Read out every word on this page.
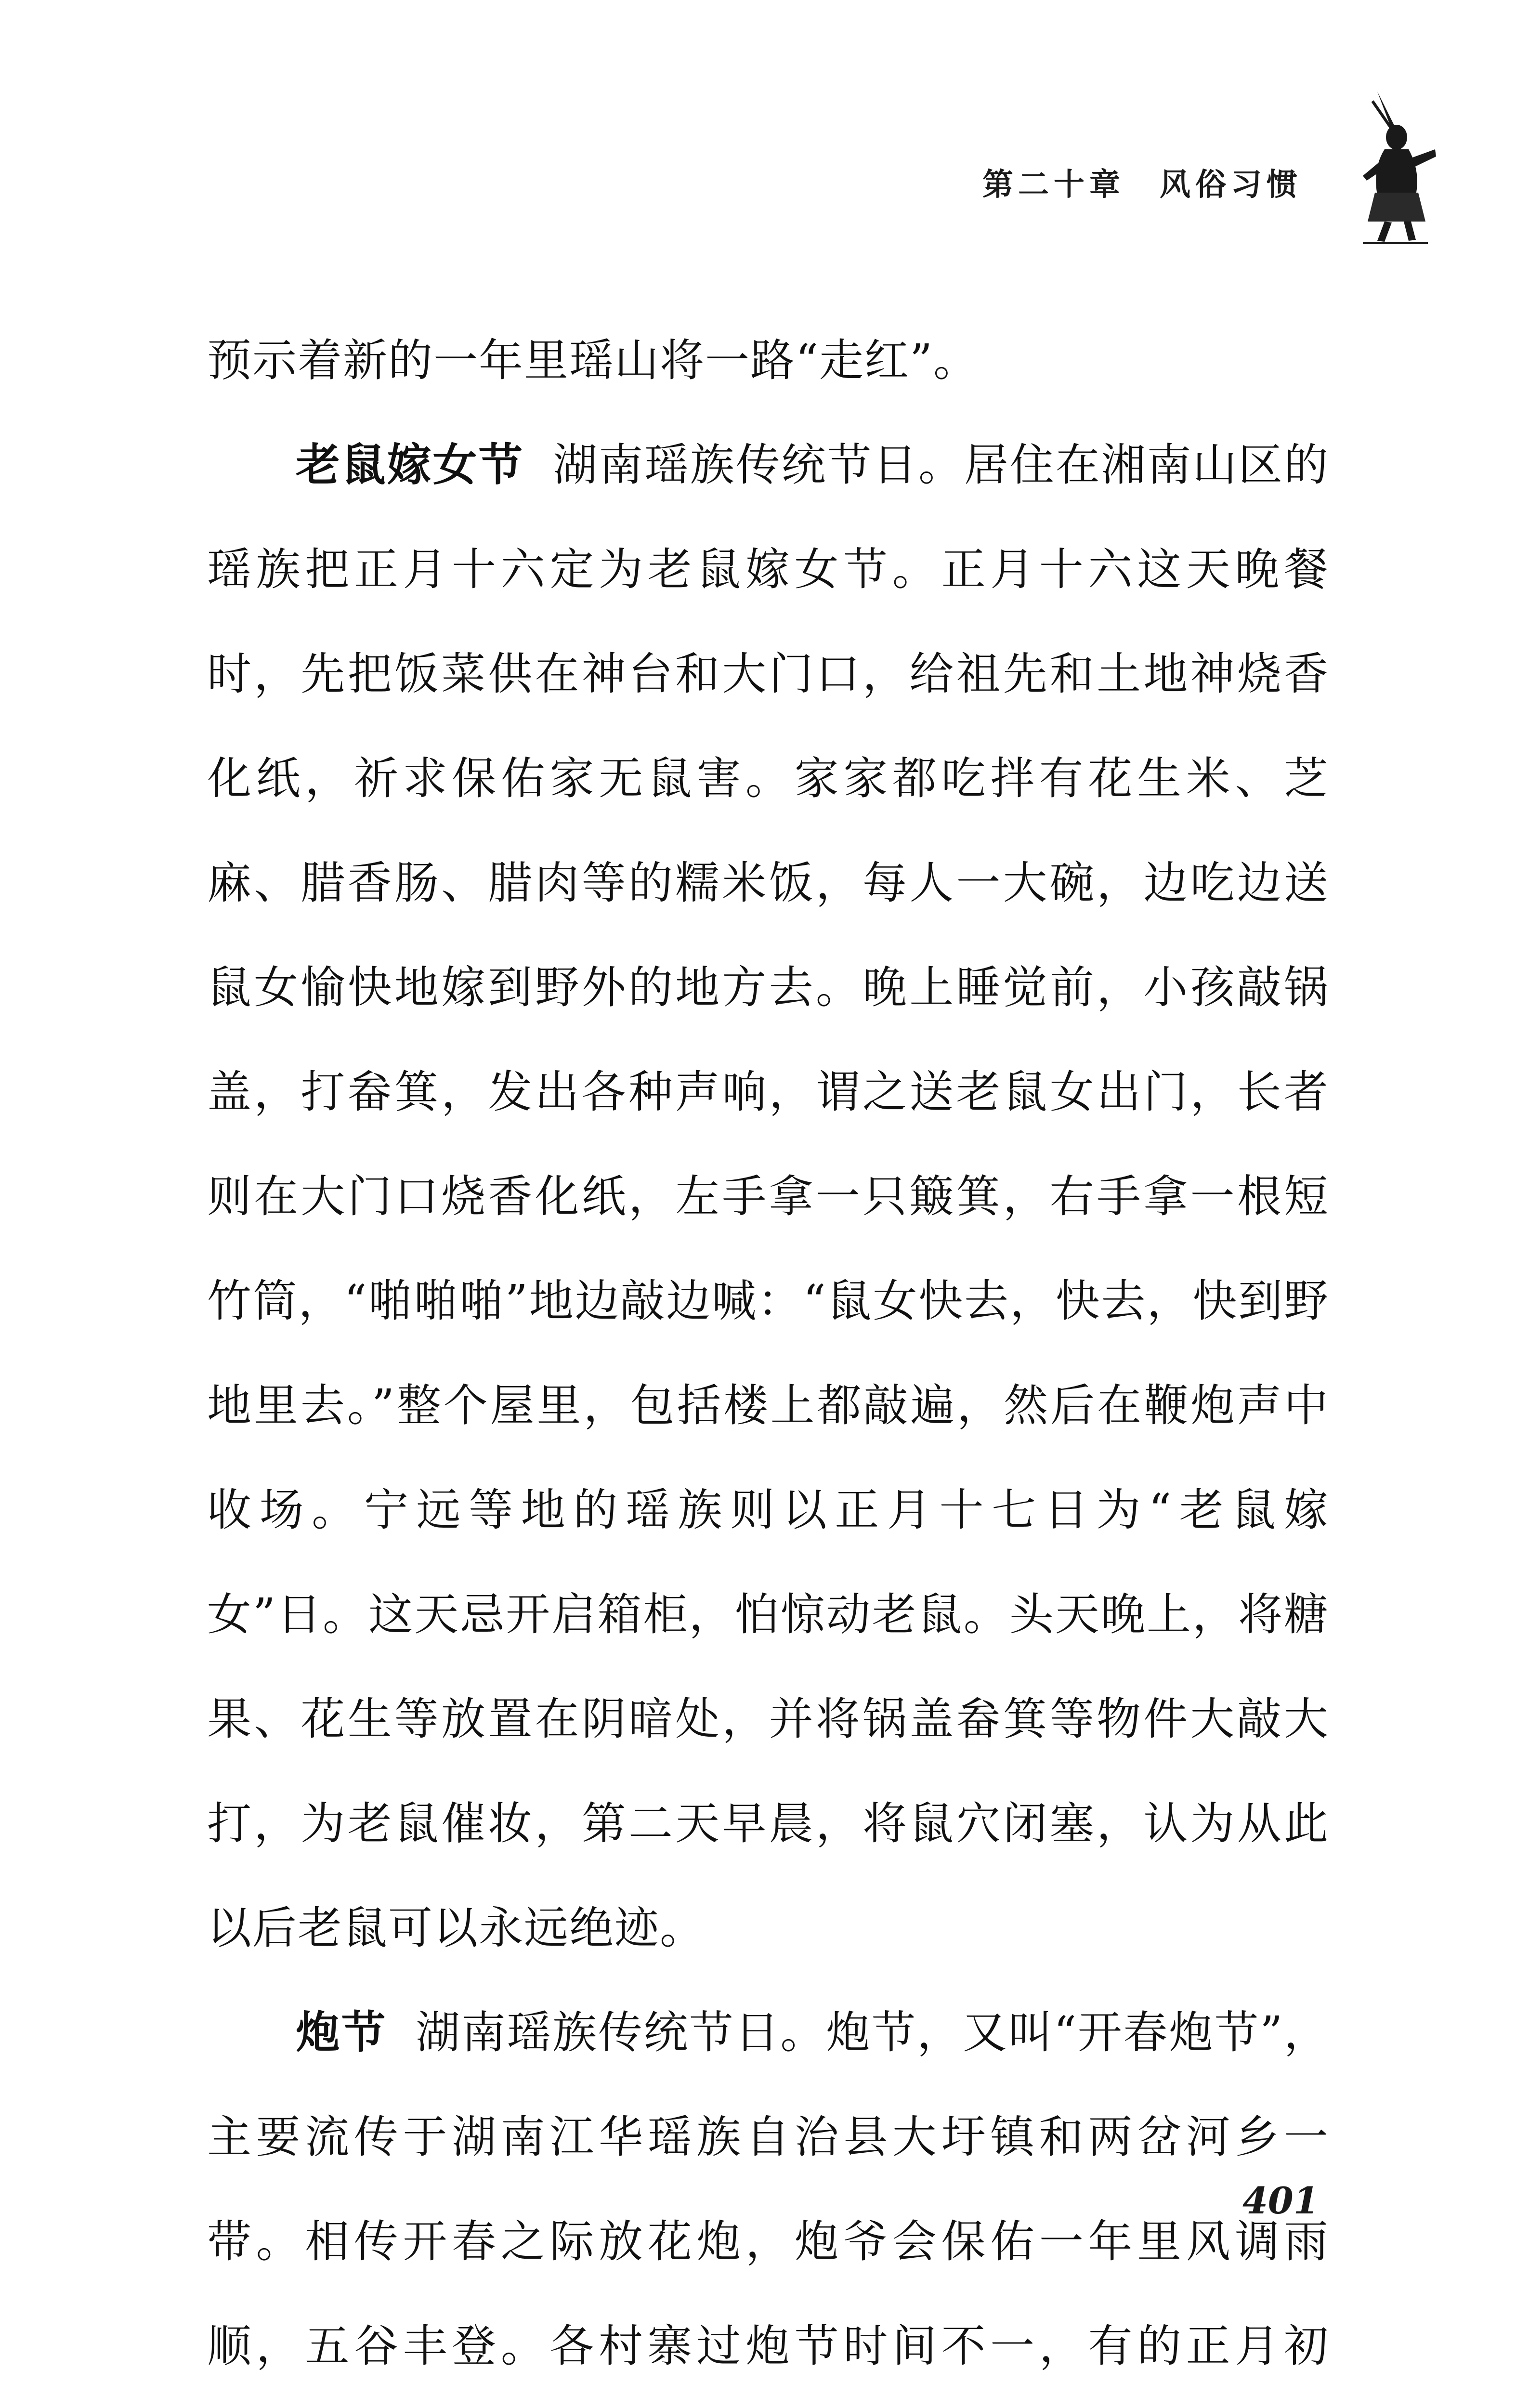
第二十章 风俗习惯

预示着新的一年里瑶山将一路“走红”。

老鼠嫁女节 湖南瑶族传统节日。居住在湘南山区的瑶族把正月十六定为老鼠嫁女节。正月十六这天晚餐时，先把饭菜供在神台和大门口，给祖先和土地神烧香化纸，祈求保佑家无鼠害。家家都吃拌有花生米、芝麻、腊香肠、腊肉等的糯米饭，每人一大碗，边吃边送鼠女愉快地嫁到野外的地方去。晚上睡觉前，小孩敲锅盖，打畚箕，发出各种声响，谓之送老鼠女出门，长者则在大门口烧香化纸，左手拿一只簸箕，右手拿一根短竹筒，“啪啪啪”地边敲边喊：“鼠女快去，快去，快到野地里去。”整个屋里，包括楼上都敲遍，然后在鞭炮声中收场。宁远等地的瑶族则以正月十七日为“老鼠嫁女”日。这天忌开启箱柜，怕惊动老鼠。头天晚上，将糖果、花生等放置在阴暗处，并将锅盖畚箕等物件大敲大打，为老鼠催妆，第二天早晨，将鼠穴闭塞，认为从此以后老鼠可以永远绝迹。

炮节 湖南瑶族传统节日。炮节，又叫“开春炮节”，主要流传于湖南江华瑶族自治县大圩镇和两岔河乡一带。相传开春之际放花炮，炮爷会保佑一年里风调雨顺，五谷丰登。各村寨过炮节时间不一，有的正月初

401
